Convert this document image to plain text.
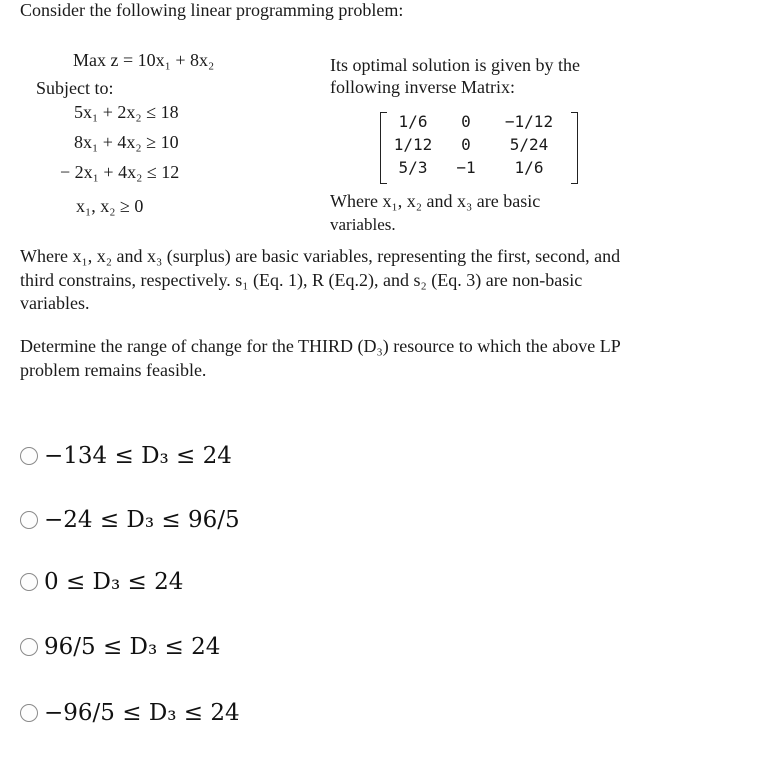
Consider the following linear programming problem:
Max z = 10x₁ + 8x₂
Subject to:
5x₁ + 2x₂ ≤ 18
8x₁ + 4x₂ ≥ 10
− 2x₁ + 4x₂ ≤ 12
x₁, x₂ ≥ 0
Its optimal solution is given by the
following inverse Matrix:
1/6	0	−1/12
1/12	0	5/24
5/3	−1	1/6
Where x₁, x₂ and x₃ are basic
variables.
Where x₁, x₂ and x₃ (surplus) are basic variables, representing the first, second, and
third constrains, respectively. s₁ (Eq. 1), R (Eq.2), and s₂ (Eq. 3) are non-basic
variables.
Determine the range of change for the THIRD (D₃) resource to which the above LP
problem remains feasible.
−134 ≤ D₃ ≤ 24
−24 ≤ D₃ ≤ 96/5
0 ≤ D₃ ≤ 24
96/5 ≤ D₃ ≤ 24
−96/5 ≤ D₃ ≤ 24
